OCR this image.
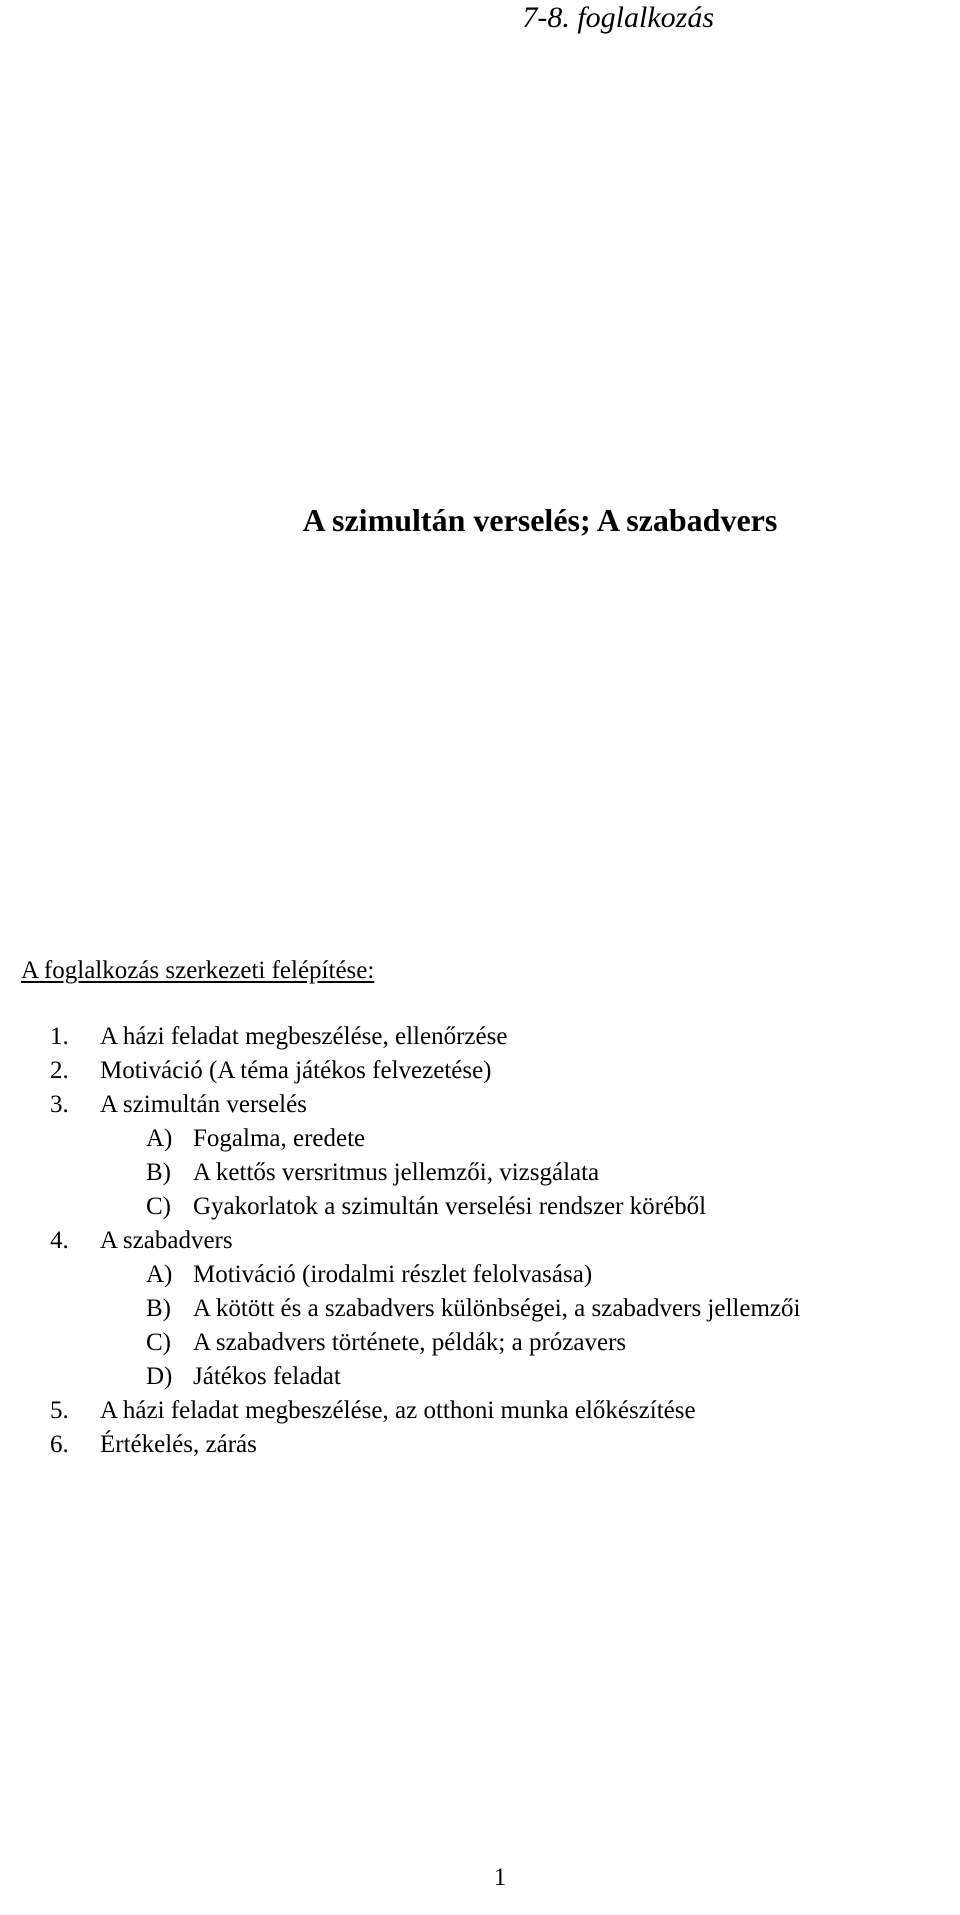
7-8. foglalkozás
A szimultán verselés; A szabadvers
A foglalkozás szerkezeti felépítése:
1. A házi feladat megbeszélése, ellenőrzése
2. Motiváció (A téma játékos felvezetése)
3. A szimultán verselés
A) Fogalma, eredete
B) A kettős versritmus jellemzői, vizsgálata
C) Gyakorlatok a szimultán verselési rendszer köréből
4. A szabadvers
A) Motiváció (irodalmi részlet felolvasása)
B) A kötött és a szabadvers különbségei, a szabadvers jellemzői
C) A szabadvers története, példák; a prózavers
D) Játékos feladat
5. A házi feladat megbeszélése, az otthoni munka előkészítése
6. Értékelés, zárás
1
